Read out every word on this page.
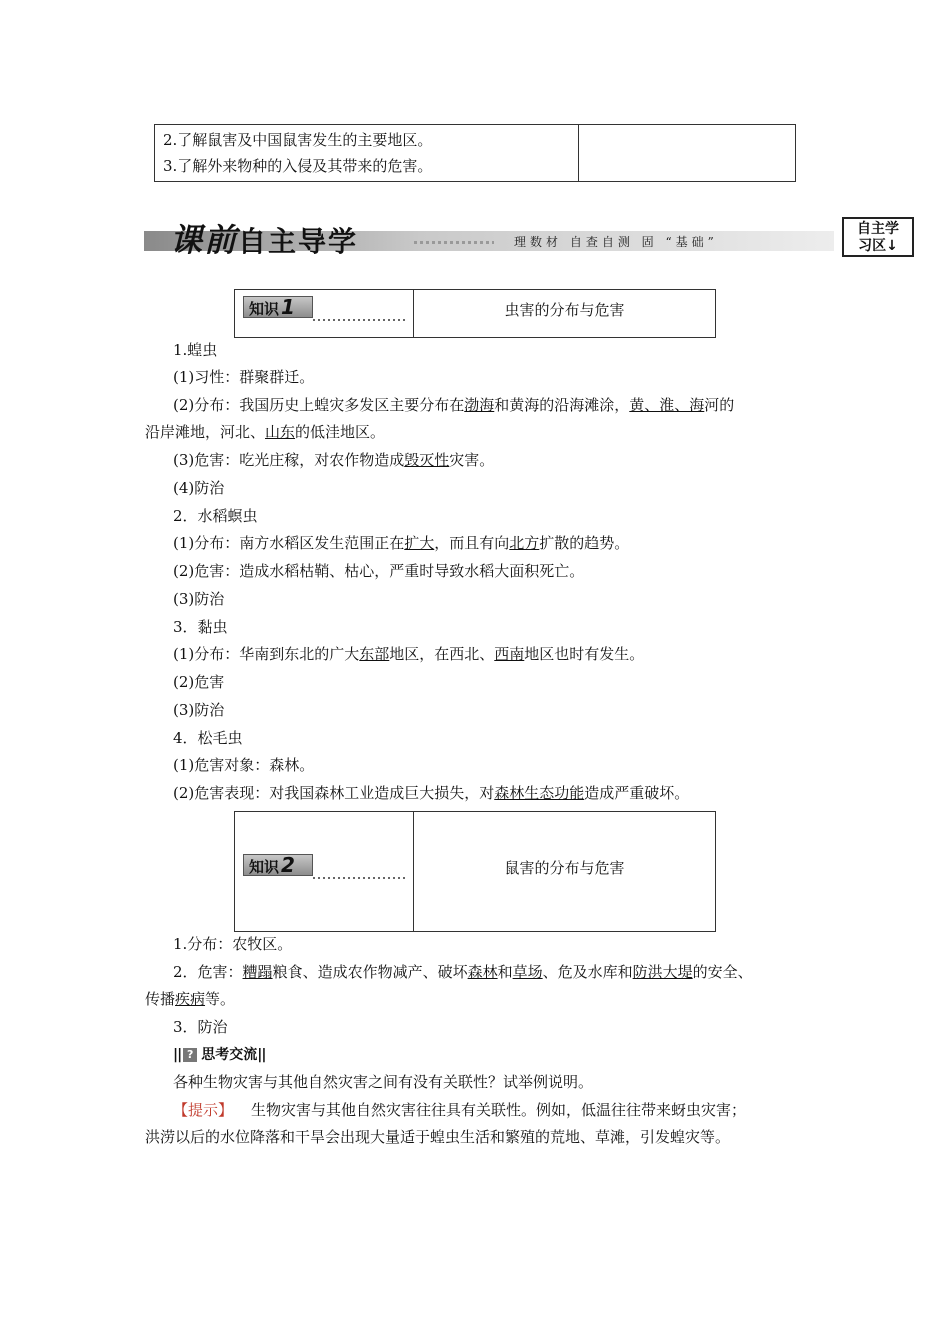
2.了解鼠害及中国鼠害发生的主要地区。
3.了解外来物种的入侵及其带来的危害。
课前自主导学	理数材 自查自测 固 “基础”
自主学
习区↓
知识 1	虫害的分布与危害
1.蝗虫
(1)习性：群聚群迁。
(2)分布：我国历史上蝗灾多发区主要分布在渤海和黄海的沿海滩涂，黄、淮、海河的
沿岸滩地，河北、山东的低洼地区。
(3)危害：吃光庄稼，对农作物造成毁灭性灾害。
(4)防治
2．水稻螟虫
(1)分布：南方水稻区发生范围正在扩大，而且有向北方扩散的趋势。
(2)危害：造成水稻枯鞘、枯心，严重时导致水稻大面积死亡。
(3)防治
3．黏虫
(1)分布：华南到东北的广大东部地区，在西北、西南地区也时有发生。
(2)危害
(3)防治
4．松毛虫
(1)危害对象：森林。
(2)危害表现：对我国森林工业造成巨大损失，对森林生态功能造成严重破坏。
知识 2	鼠害的分布与危害
1.分布：农牧区。
2．危害：糟蹋粮食、造成农作物减产、破坏森林和草场、危及水库和防洪大堤的安全、
传播疾病等。
3．防治
|| ? 思考交流||
各种生物灾害与其他自然灾害之间有没有关联性？试举例说明。
【提示】 生物灾害与其他自然灾害往往具有关联性。例如，低温往往带来蚜虫灾害；
洪涝以后的水位降落和干旱会出现大量适于蝗虫生活和繁殖的荒地、草滩，引发蝗灾等。
